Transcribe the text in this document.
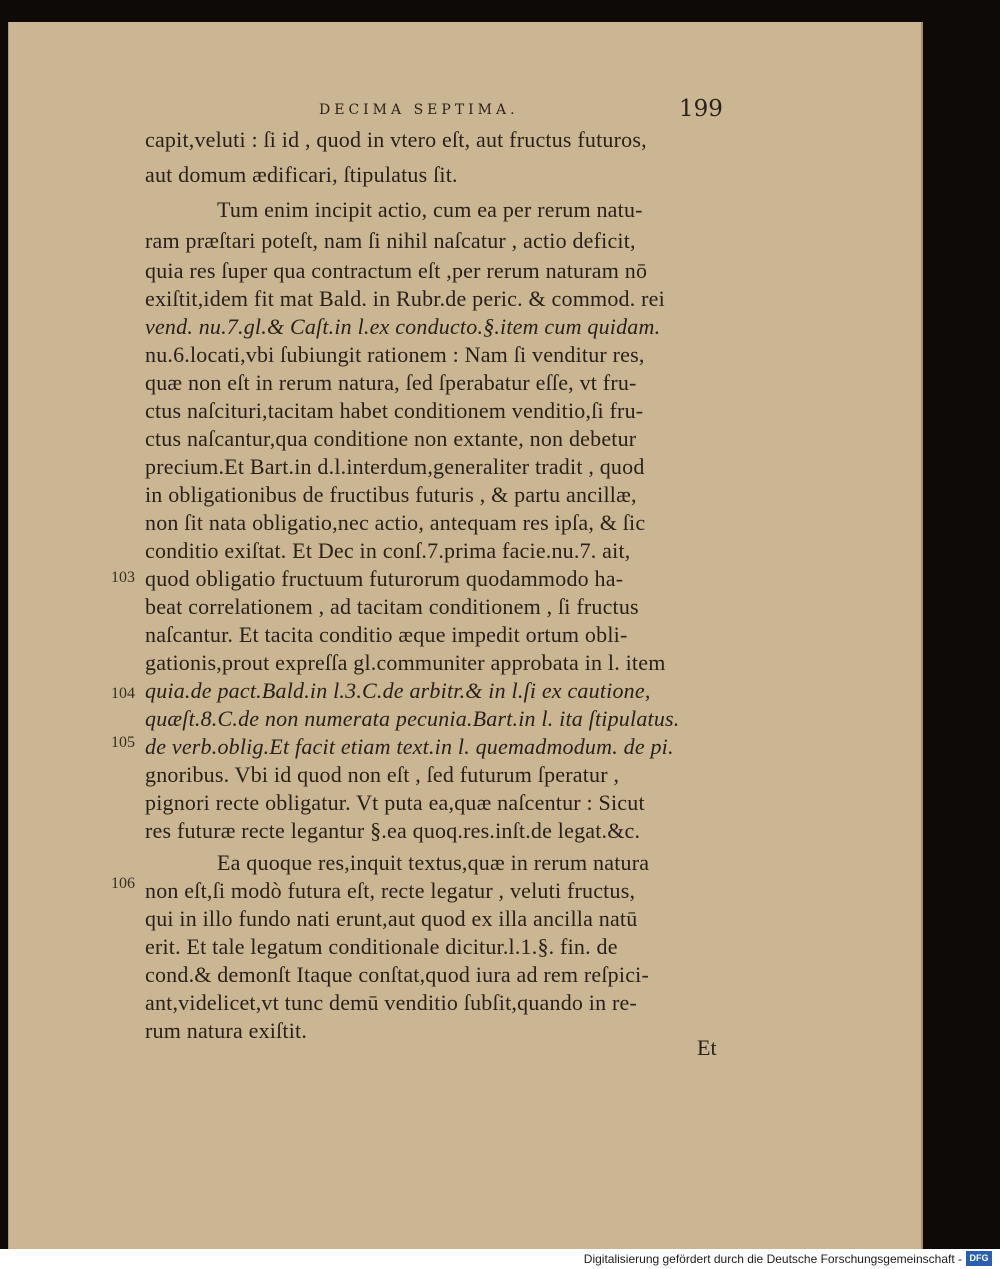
DECIMA SEPTIMA.	199
capit,veluti : ſi id , quod in vtero eſt, aut fructus futuros,
aut domum ædificari, ſtipulatus ſit.
Tum enim incipit actio, cum ea per rerum natu-
ram præſtari poteſt, nam ſi nihil naſcatur , actio deficit,
quia res ſuper qua contractum eſt ,per rerum naturam nō
exiſtit,idem fit mat Bald. in Rubr.de peric. & commod. rei
vend. nu.7.gl.& Caſt.in l.ex conducto.§.item cum quidam.
nu.6.locati,vbi ſubiungit rationem : Nam ſi venditur res,
quæ non eſt in rerum natura, ſed ſperabatur eſſe, vt fru-
ctus naſcituri,tacitam habet conditionem venditio,ſi fru-
ctus naſcantur,qua conditione non extante, non debetur
precium.Et Bart.in d.l.interdum,generaliter tradit , quod
in obligationibus de fructibus futuris , & partu ancillæ,
non ſit nata obligatio,nec actio, antequam res ipſa, & ſic
conditio exiſtat. Et Dec in conſ.7.prima facie.nu.7. ait,
quod obligatio fructuum futurorum quodammodo ha-
beat correlationem , ad tacitam conditionem , ſi fructus
naſcantur. Et tacita conditio æque impedit ortum obli-
gationis,prout expreſſa gl.communiter approbata in l. item
quia.de pact.Bald.in l.3.C.de arbitr.& in l.ſi ex cautione,
quæſt.8.C.de non numerata pecunia.Bart.in l. ita ſtipulatus.
de verb.oblig.Et facit etiam text.in l. quemadmodum. de pi.
gnoribus. Vbi id quod non eſt , ſed futurum ſperatur ,
pignori recte obligatur. Vt puta ea,quæ naſcentur : Sicut
res futuræ recte legantur §.ea quoq.res.inſt.de legat.&c.
Ea quoque res,inquit textus,quæ in rerum natura
non eſt,ſi modò futura eſt, recte legatur , veluti fructus,
qui in illo fundo nati erunt,aut quod ex illa ancilla natū
erit. Et tale legatum conditionale dicitur.l.1.§. fin. de
cond.& demonſt Itaque conſtat,quod iura ad rem reſpici-
ant,videlicet,vt tunc demū venditio ſubſit,quando in re-
rum natura exiſtit.
103
104
105
106
Et
Digitalisierung gefördert durch die Deutsche Forschungsgemeinschaft - DFG
